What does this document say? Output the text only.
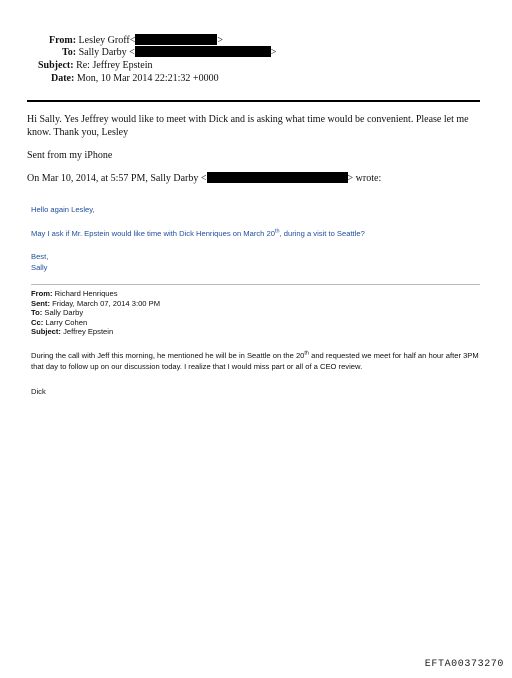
From: Lesley Groff<	>
To: Sally Darby <	>
Subject: Re: Jeffrey Epstein
Date: Mon, 10 Mar 2014 22:21:32 +0000
Hi Sally. Yes Jeffrey would like to meet with Dick and is asking what time would be convenient. Please let me know. Thank you, Lesley
Sent from my iPhone
On Mar 10, 2014, at 5:57 PM, Sally Darby <	> wrote:
Hello again Lesley,
May I ask if Mr. Epstein would like time with Dick Henriques on March 20th, during a visit to Seattle?
Best,
Sally
From: Richard Henriques
Sent: Friday, March 07, 2014 3:00 PM
To: Sally Darby
Cc: Larry Cohen
Subject: Jeffrey Epstein
During the call with Jeff this morning, he mentioned he will be in Seattle on the 20th and requested we meet for half an hour after 3PM that day to follow up on our discussion today. I realize that I would miss part or all of a CEO review.
Dick
EFTA00373270
